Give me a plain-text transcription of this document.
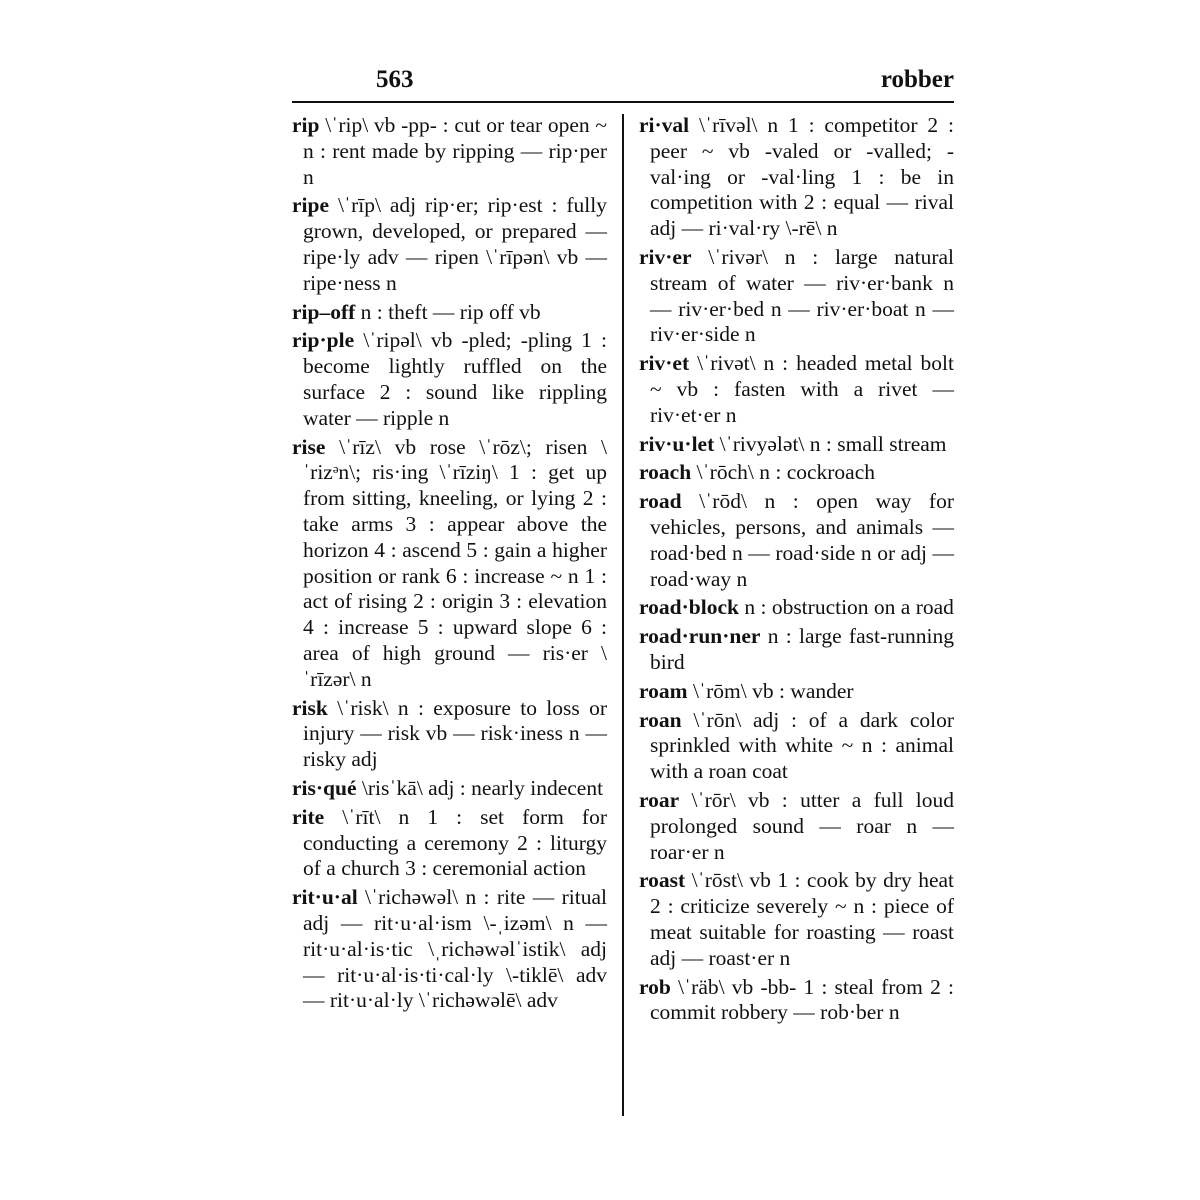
563	robber

rip \ˈrip\ vb -pp- : cut or tear open ~ n : rent made by ripping — rip·per n

ripe \ˈrīp\ adj rip·er; rip·est : fully grown, developed, or prepared — ripe·ly adv — ripen \ˈrīpən\ vb — ripe·ness n

rip–off n : theft — rip off vb

rip·ple \ˈripəl\ vb -pled; -pling 1 : become lightly ruffled on the surface 2 : sound like rippling water — ripple n

rise \ˈrīz\ vb rose \ˈrōz\; risen \ˈrizᵊn\; ris·ing \ˈrīziŋ\ 1 : get up from sitting, kneeling, or lying 2 : take arms 3 : appear above the horizon 4 : ascend 5 : gain a higher position or rank 6 : increase ~ n 1 : act of rising 2 : origin 3 : elevation 4 : increase 5 : upward slope 6 : area of high ground — ris·er \ˈrīzər\ n

risk \ˈrisk\ n : exposure to loss or injury — risk vb — risk·iness n — risky adj

ris·qué \risˈkā\ adj : nearly indecent

rite \ˈrīt\ n 1 : set form for conducting a ceremony 2 : liturgy of a church 3 : ceremonial action

rit·u·al \ˈrichəwəl\ n : rite — ritual adj — rit·u·al·ism \-ˌizəm\ n — rit·u·al·is·tic \ˌrichəwəlˈistik\ adj — rit·u·al·is·ti·cal·ly \-tiklē\ adv — rit·u·al·ly \ˈrichəwəlē\ adv

ri·val \ˈrīvəl\ n 1 : competitor 2 : peer ~ vb -valed or -valled; -val·ing or -val·ling 1 : be in competition with 2 : equal — rival adj — ri·val·ry \-rē\ n

riv·er \ˈrivər\ n : large natural stream of water — riv·er·bank n — riv·er·bed n — riv·er·boat n — riv·er·side n

riv·et \ˈrivət\ n : headed metal bolt ~ vb : fasten with a rivet — riv·et·er n

riv·u·let \ˈrivyələt\ n : small stream

roach \ˈrōch\ n : cockroach

road \ˈrōd\ n : open way for vehicles, persons, and animals — road·bed n — road·side n or adj — road·way n

road·block n : obstruction on a road

road·run·ner n : large fast-running bird

roam \ˈrōm\ vb : wander

roan \ˈrōn\ adj : of a dark color sprinkled with white ~ n : animal with a roan coat

roar \ˈrōr\ vb : utter a full loud prolonged sound — roar n — roar·er n

roast \ˈrōst\ vb 1 : cook by dry heat 2 : criticize severely ~ n : piece of meat suitable for roasting — roast adj — roast·er n

rob \ˈräb\ vb -bb- 1 : steal from 2 : commit robbery — rob·ber n
